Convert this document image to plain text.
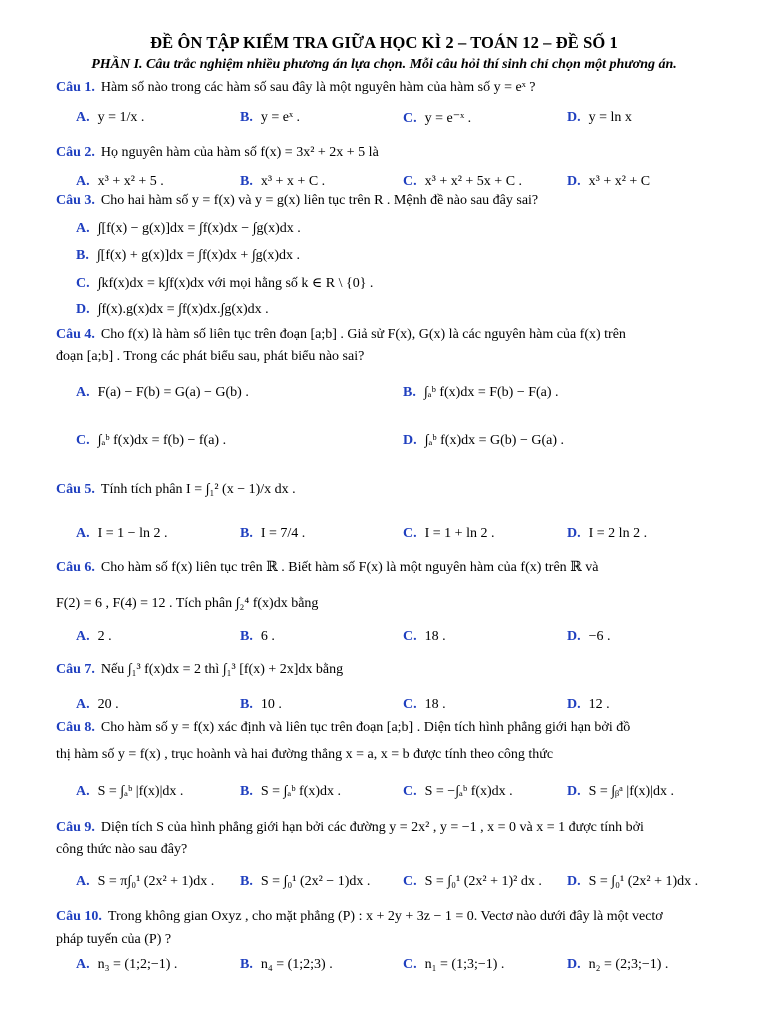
ĐỀ ÔN TẬP KIỂM TRA GIỮA HỌC KÌ 2 – TOÁN 12 – ĐỀ SỐ 1
PHẦN I. Câu trắc nghiệm nhiều phương án lựa chọn. Mỗi câu hỏi thí sinh chỉ chọn một phương án.
Câu 1. Hàm số nào trong các hàm số sau đây là một nguyên hàm của hàm số y = eˣ ?
A. y = 1/x .	B. y = eˣ .	C. y = e⁻ˣ .	D. y = ln x
Câu 2. Họ nguyên hàm của hàm số f(x) = 3x² + 2x + 5 là
A. x³ + x² + 5 .	B. x³ + x + C .	C. x³ + x² + 5x + C .	D. x³ + x² + C
Câu 3. Cho hai hàm số y = f(x) và y = g(x) liên tục trên R . Mệnh đề nào sau đây sai?
A. ∫[f(x) − g(x)]dx = ∫f(x)dx − ∫g(x)dx .
B. ∫[f(x) + g(x)]dx = ∫f(x)dx + ∫g(x)dx .
C. ∫kf(x)dx = k∫f(x)dx với mọi hằng số k ∈ R \ {0} .
D. ∫f(x).g(x)dx = ∫f(x)dx.∫g(x)dx .
Câu 4. Cho f(x) là hàm số liên tục trên đoạn [a;b] . Giả sử F(x), G(x) là các nguyên hàm của f(x) trên
đoạn [a;b] . Trong các phát biểu sau, phát biểu nào sai?
A. F(a) − F(b) = G(a) − G(b) .	B. ∫ₐᵇ f(x)dx = F(b) − F(a) .
C. ∫ₐᵇ f(x)dx = f(b) − f(a) .	D. ∫ₐᵇ f(x)dx = G(b) − G(a) .
Câu 5. Tính tích phân I = ∫₁² (x − 1)/x dx .
A. I = 1 − ln 2 .	B. I = 7/4 .	C. I = 1 + ln 2 .	D. I = 2 ln 2 .
Câu 6. Cho hàm số f(x) liên tục trên ℝ . Biết hàm số F(x) là một nguyên hàm của f(x) trên ℝ và
F(2) = 6 , F(4) = 12 . Tích phân ∫₂⁴ f(x)dx bằng
A. 2 .	B. 6 .	C. 18 .	D. −6 .
Câu 7. Nếu ∫₁³ f(x)dx = 2 thì ∫₁³ [f(x) + 2x]dx bằng
A. 20 .	B. 10 .	C. 18 .	D. 12 .
Câu 8. Cho hàm số y = f(x) xác định và liên tục trên đoạn [a;b] . Diện tích hình phẳng giới hạn bởi đồ
thị hàm số y = f(x) , trục hoành và hai đường thẳng x = a, x = b được tính theo công thức
A. S = ∫ₐᵇ |f(x)|dx .	B. S = ∫ₐᵇ f(x)dx .	C. S = −∫ₐᵇ f(x)dx .	D. S = ∫ᵦᵃ |f(x)|dx .
Câu 9. Diện tích S của hình phẳng giới hạn bởi các đường y = 2x² , y = −1 , x = 0 và x = 1 được tính bởi
công thức nào sau đây?
A. S = π∫₀¹ (2x² + 1)dx . B. S = ∫₀¹ (2x² − 1)dx . C. S = ∫₀¹ (2x² + 1)² dx . D. S = ∫₀¹ (2x² + 1)dx .
Câu 10. Trong không gian Oxyz , cho mặt phẳng (P) : x + 2y + 3z − 1 = 0. Vectơ nào dưới đây là một vectơ
pháp tuyến của (P) ?
A. n₃ = (1;2;−1) .	B. n₄ = (1;2;3) .	C. n₁ = (1;3;−1) .	D. n₂ = (2;3;−1) .
